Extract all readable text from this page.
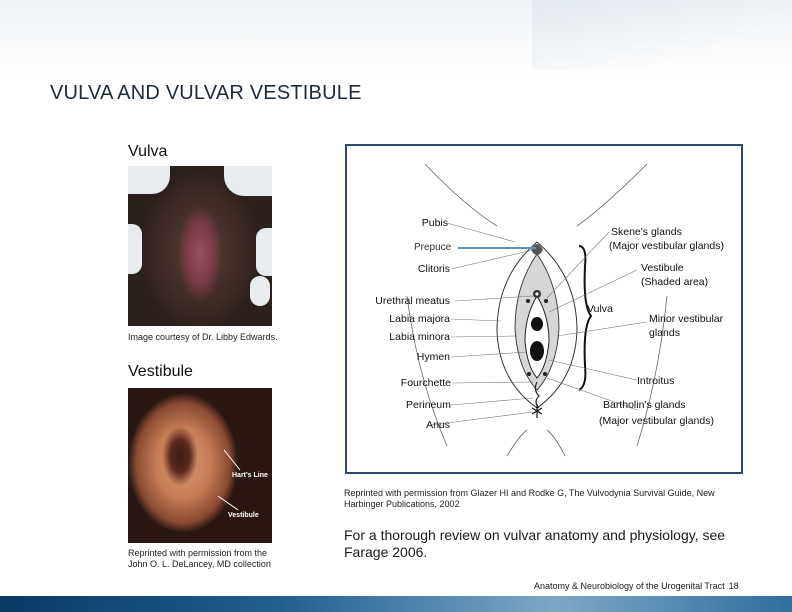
VULVA AND VULVAR VESTIBULE
Vulva
Image courtesy of Dr. Libby Edwards.
Vestibule
Hart's Line
Vestibule
Reprinted with permission from the John O. L. DeLancey, MD collection
Pubis
Clitoris
Urethral meatus
Labia majora
Labia minora
Hymen
Fourchette
Perineum
Anus
Skene's glands
(Major vestibular glands)
Vestibule
(Shaded area)
Minor vestibular
glands
Introitus
Bartholin's glands
(Major vestibular glands)
Vulva
Prepuce
Reprinted with permission from Glazer HI and Rodke G, The Vulvodynia Survival Guide, New Harbinger Publications, 2002
For a thorough review on vulvar anatomy and physiology, see Farage 2006.
Anatomy & Neurobiology of the Urogenital Tract 18
